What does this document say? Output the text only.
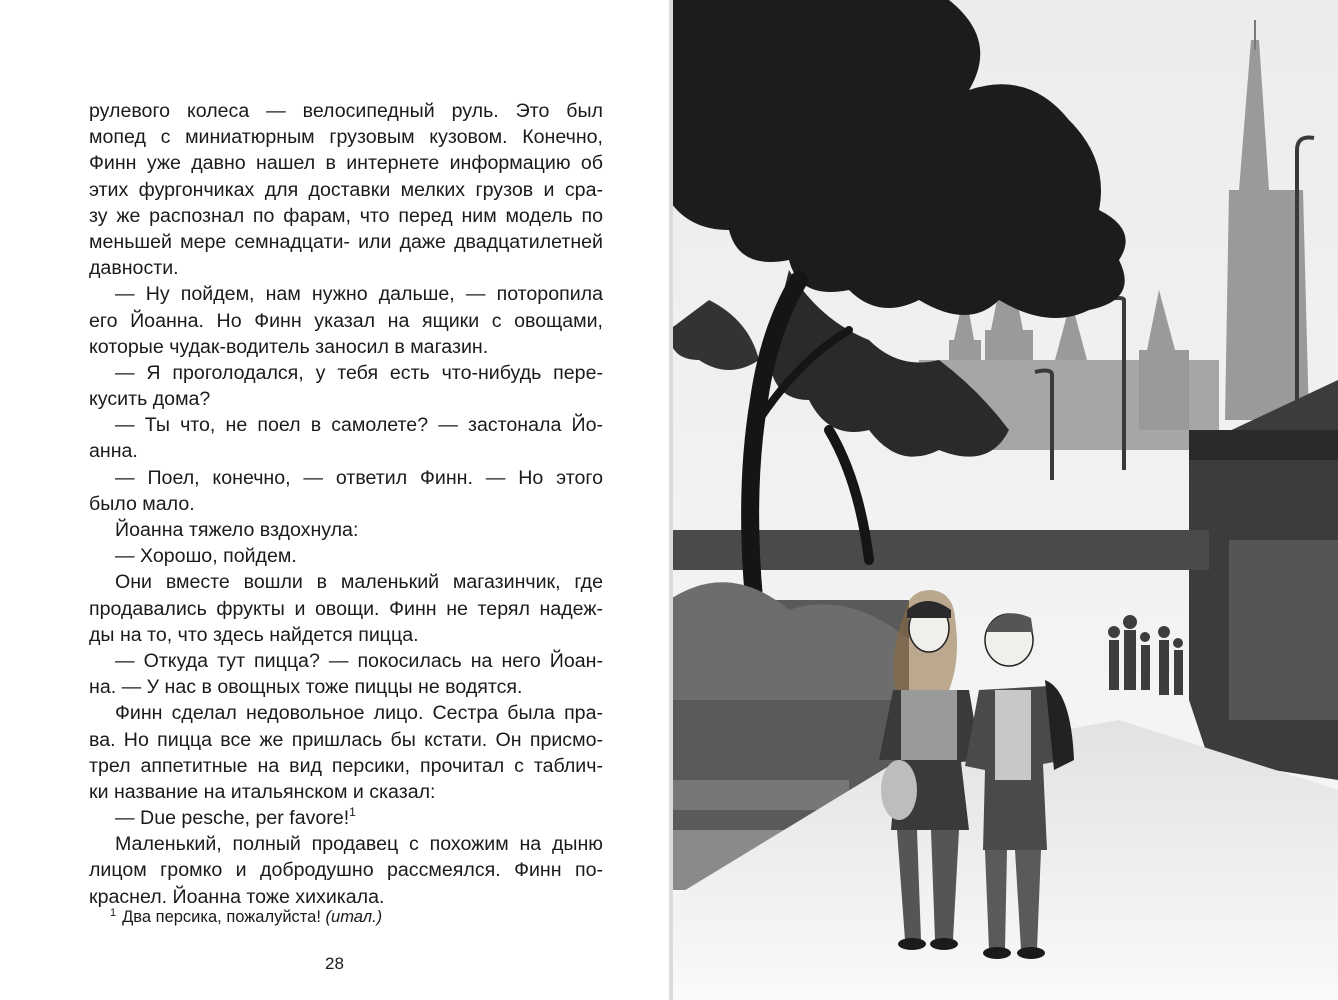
рулевого колеса — велосипедный руль. Это был
мопед с миниатюрным грузовым кузовом. Конечно,
Финн уже давно нашел в интернете информацию об
этих фургончиках для доставки мелких грузов и сра-
зу же распознал по фарам, что перед ним модель по
меньшей мере семнадцати- или даже двадцатилетней
давности.
— Ну пойдем, нам нужно дальше, — поторопила
его Йоанна. Но Финн указал на ящики с овощами,
которые чудак-водитель заносил в магазин.
— Я проголодался, у тебя есть что-нибудь пере-
кусить дома?
— Ты что, не поел в самолете? — застонала Йо-
анна.
— Поел, конечно, — ответил Финн. — Но этого
было мало.
Йоанна тяжело вздохнула:
— Хорошо, пойдем.
Они вместе вошли в маленький магазинчик, где
продавались фрукты и овощи. Финн не терял надеж-
ды на то, что здесь найдется пицца.
— Откуда тут пицца? — покосилась на него Йоан-
на. — У нас в овощных тоже пиццы не водятся.
Финн сделал недовольное лицо. Сестра была пра-
ва. Но пицца все же пришлась бы кстати. Он присмо-
трел аппетитные на вид персики, прочитал с таблич-
ки название на итальянском и сказал:
— Due pesche, per favore!$^1$
Маленький, полный продавец с похожим на дыню
лицом громко и добродушно рассмеялся. Финн по-
краснел. Йоанна тоже хихикала.
$^1$ Два персика, пожалуйста! (итал.)
28
